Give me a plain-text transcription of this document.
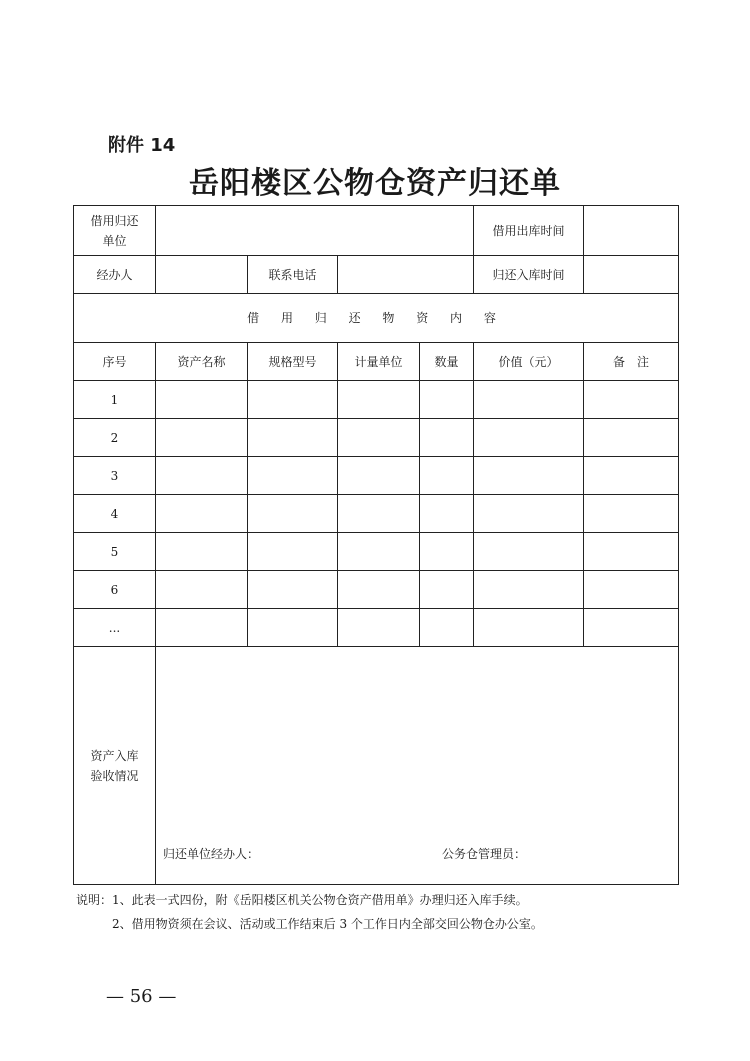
附件 14
岳阳楼区公物仓资产归还单
借用归还
单位					借用出库时间	
经办人		联系电话			归还入库时间	
借 用 归 还 物 资 内 容						
序号	资产名称	规格型号	计量单位	数量	价值（元）	备　注
1						
2						
3						
4						
5						
6						
...						
资产入库
验收情况	归还单位经办人： 公务仓管理员：					
说明：1、此表一式四份，附《岳阳楼区机关公物仓资产借用单》办理归还入库手续。
2、借用物资须在会议、活动或工作结束后 3 个工作日内全部交回公物仓办公室。
— 56 —
